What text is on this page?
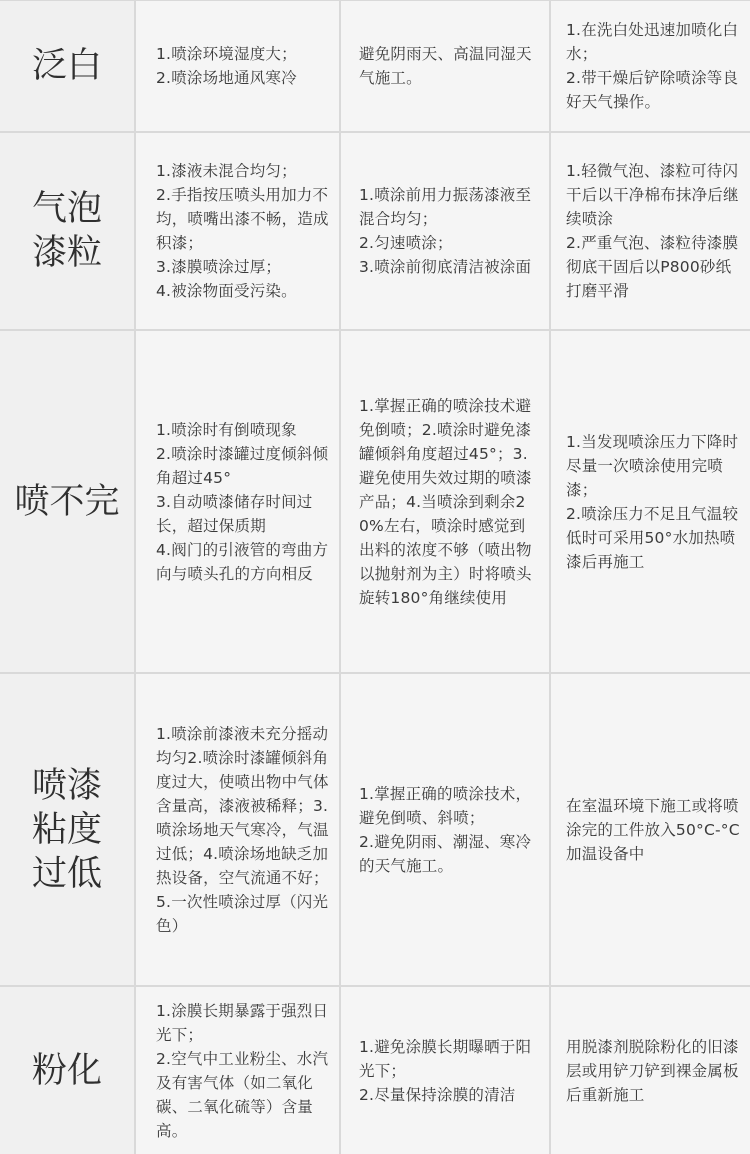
泛白	1.喷涂环境湿度大；
2.喷涂场地通风寒冷
避免阴雨天、高温同湿天气施工。
1.在洗白处迅速加喷化白水；
2.带干燥后铲除喷涂等良好天气操作。
气泡漆粒
1.漆液未混合均匀；
2.手指按压喷头用加力不均，喷嘴出漆不畅，造成积漆；
3.漆膜喷涂过厚；
4.被涂物面受污染。
1.喷涂前用力振荡漆液至混合均匀；
2.匀速喷涂；
3.喷涂前彻底清洁被涂面
1.轻微气泡、漆粒可待闪干后以干净棉布抹净后继续喷涂
2.严重气泡、漆粒待漆膜彻底干固后以P800砂纸打磨平滑
喷不完
1.喷涂时有倒喷现象
2.喷涂时漆罐过度倾斜倾角超过45°
3.自动喷漆储存时间过长，超过保质期
4.阀门的引液管的弯曲方向与喷头孔的方向相反
1.掌握正确的喷涂技术避免倒喷；2.喷涂时避免漆罐倾斜角度超过45°；3.避免使用失效过期的喷漆产品；4.当喷涂到剩余20%左右，喷涂时感觉到出料的浓度不够（喷出物以抛射剂为主）时将喷头旋转180°角继续使用
1.当发现喷涂压力下降时尽量一次喷涂使用完喷漆；
2.喷涂压力不足且气温较低时可采用50°水加热喷漆后再施工
喷漆粘度过低
1.喷涂前漆液未充分摇动均匀2.喷涂时漆罐倾斜角度过大，使喷出物中气体含量高，漆液被稀释；3.喷涂场地天气寒冷，气温过低；4.喷涂场地缺乏加热设备，空气流通不好；5.一次性喷涂过厚（闪光色）
1.掌握正确的喷涂技术，避免倒喷、斜喷；
2.避免阴雨、潮湿、寒冷的天气施工。
在室温环境下施工或将喷涂完的工件放入50°C-°C加温设备中
粉化
1.涂膜长期暴露于强烈日光下；
2.空气中工业粉尘、水汽及有害气体（如二氧化碳、二氧化硫等）含量高。
1.避免涂膜长期曝晒于阳光下；
2.尽量保持涂膜的清洁
用脱漆剂脱除粉化的旧漆层或用铲刀铲到裸金属板后重新施工
